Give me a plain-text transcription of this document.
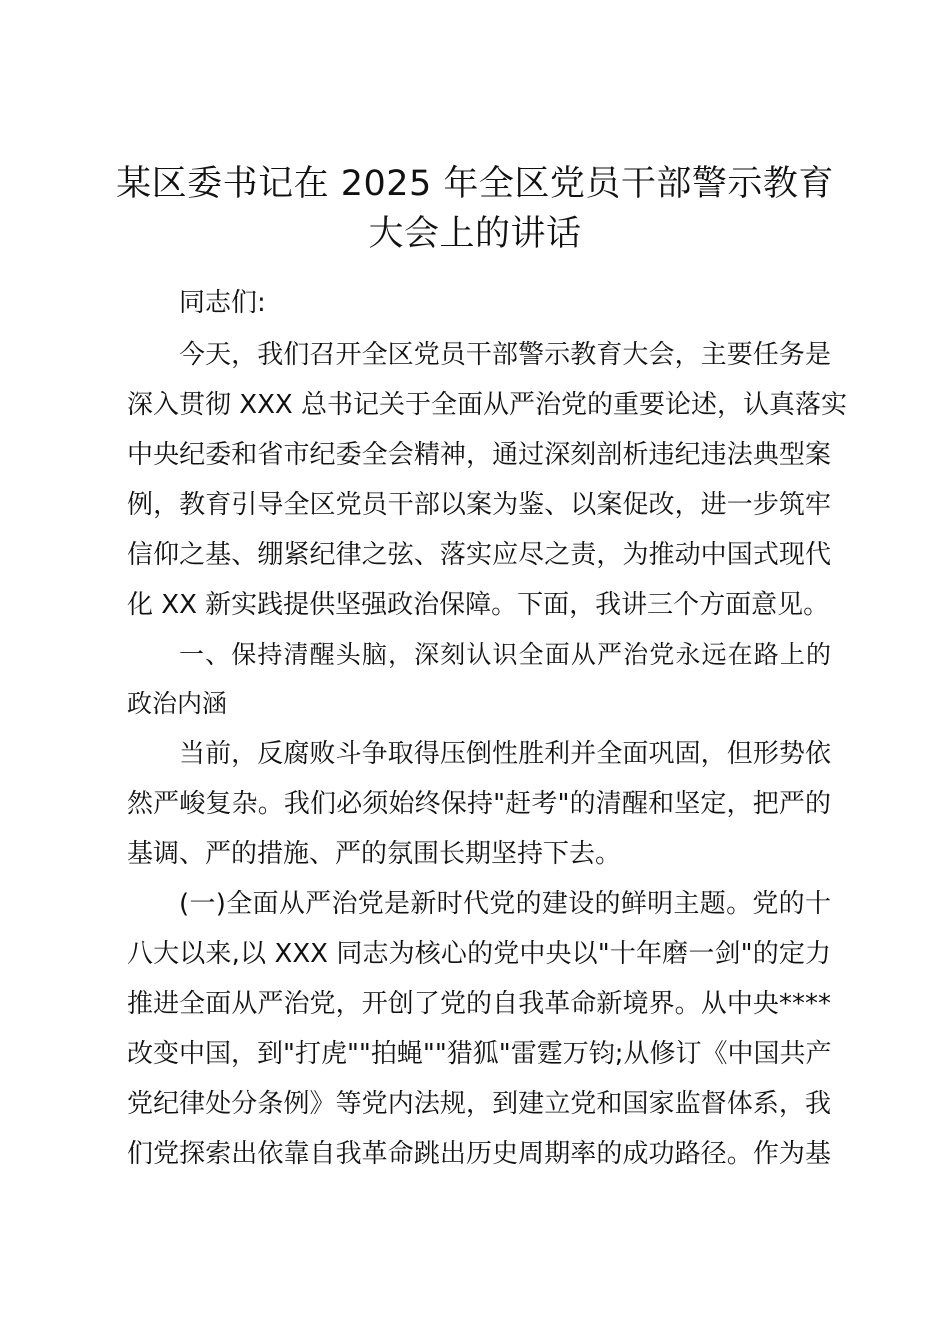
某区委书记在 2025 年全区党员干部警示教育
大会上的讲话
同志们:
今天，我们召开全区党员干部警示教育大会，主要任务是
深入贯彻 XXX 总书记关于全面从严治党的重要论述，认真落实
中央纪委和省市纪委全会精神，通过深刻剖析违纪违法典型案
例，教育引导全区党员干部以案为鉴、以案促改，进一步筑牢
信仰之基、绷紧纪律之弦、落实应尽之责，为推动中国式现代
化 XX 新实践提供坚强政治保障。下面，我讲三个方面意见。
一、保持清醒头脑，深刻认识全面从严治党永远在路上的
政治内涵
当前，反腐败斗争取得压倒性胜利并全面巩固，但形势依
然严峻复杂。我们必须始终保持"赶考"的清醒和坚定，把严的
基调、严的措施、严的氛围长期坚持下去。
(一)全面从严治党是新时代党的建设的鲜明主题。党的十
八大以来,以 XXX 同志为核心的党中央以"十年磨一剑"的定力
推进全面从严治党，开创了党的自我革命新境界。从中央****
改变中国，到"打虎""拍蝇""猎狐"雷霆万钧;从修订《中国共产
党纪律处分条例》等党内法规，到建立党和国家监督体系，我
们党探索出依靠自我革命跳出历史周期率的成功路径。作为基
